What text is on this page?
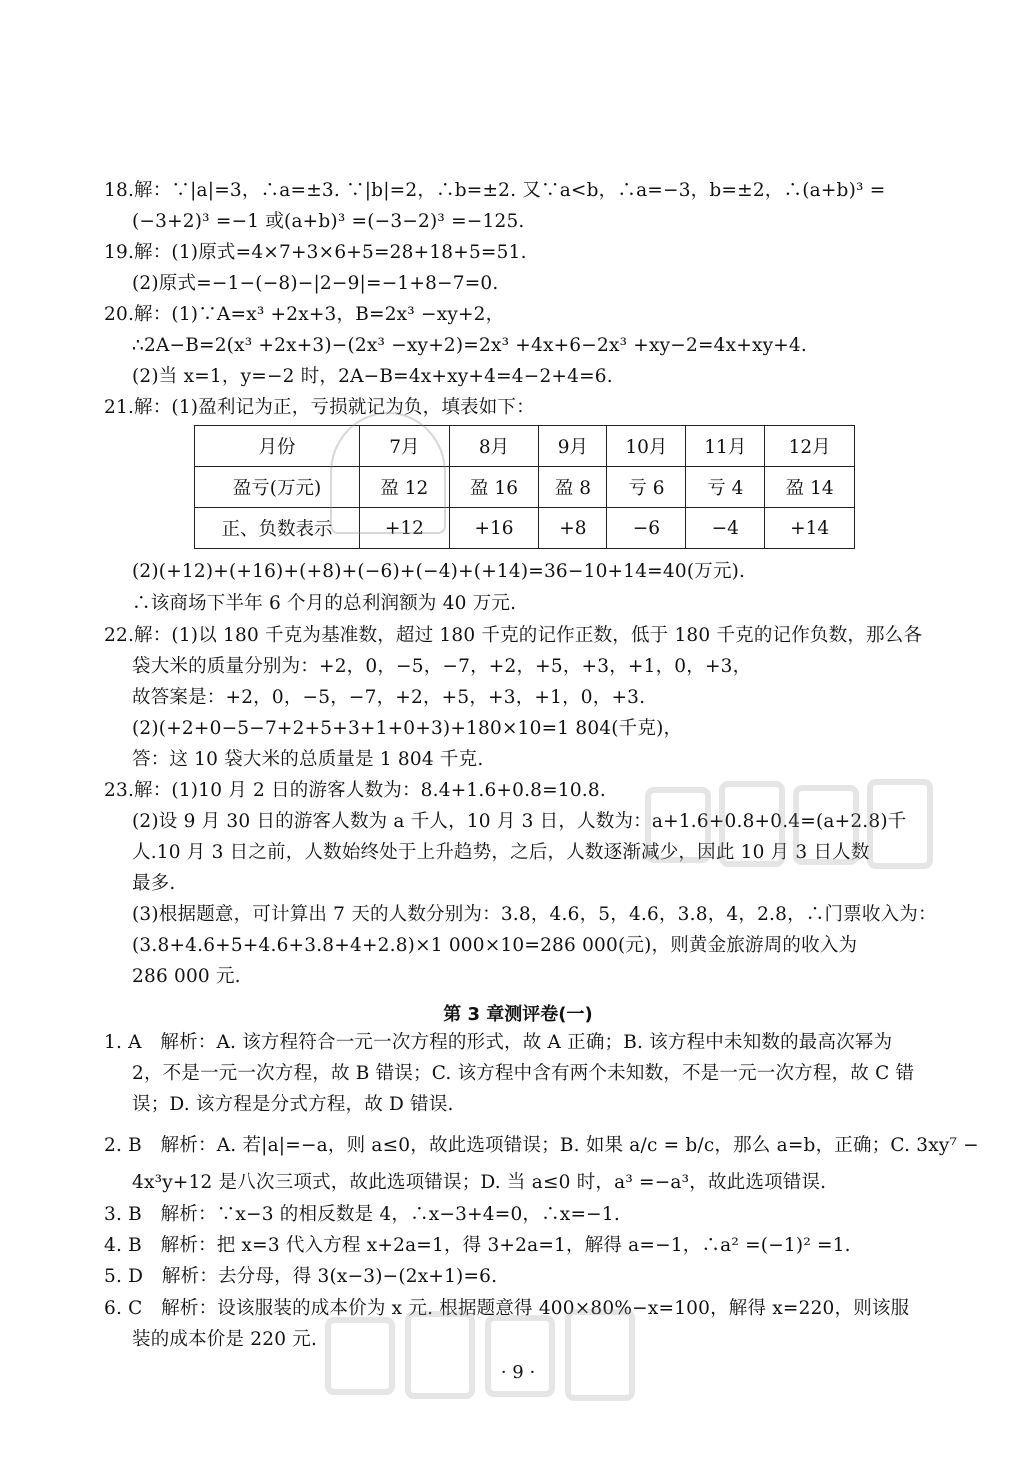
18.解：∵|a|=3，∴a=±3. ∵|b|=2，∴b=±2. 又∵a<b，∴a=−3，b=±2，∴(a+b)³ =
(−3+2)³ =−1 或(a+b)³ =(−3−2)³ =−125.
19.解：(1)原式=4×7+3×6+5=28+18+5=51.
(2)原式=−1−(−8)−|2−9|=−1+8−7=0.
20.解：(1)∵A=x³ +2x+3，B=2x³ −xy+2，
∴2A−B=2(x³ +2x+3)−(2x³ −xy+2)=2x³ +4x+6−2x³ +xy−2=4x+xy+4.
(2)当 x=1，y=−2 时，2A−B=4x+xy+4=4−2+4=6.
21.解：(1)盈利记为正，亏损就记为负，填表如下：
月份	7月	8月	9月	10月	11月	12月
盈亏(万元)	盈 12	盈 16	盈 8	亏 6	亏 4	盈 14
正、负数表示	+12	+16	+8	−6	−4	+14
(2)(+12)+(+16)+(+8)+(−6)+(−4)+(+14)=36−10+14=40(万元).
∴该商场下半年 6 个月的总利润额为 40 万元.
22.解：(1)以 180 千克为基准数，超过 180 千克的记作正数，低于 180 千克的记作负数，那么各
袋大米的质量分别为：+2，0，−5，−7，+2，+5，+3，+1，0，+3，
故答案是：+2，0，−5，−7，+2，+5，+3，+1，0，+3.
(2)(+2+0−5−7+2+5+3+1+0+3)+180×10=1 804(千克)，
答：这 10 袋大米的总质量是 1 804 千克.
23.解：(1)10 月 2 日的游客人数为：8.4+1.6+0.8=10.8.
(2)设 9 月 30 日的游客人数为 a 千人，10 月 3 日，人数为：a+1.6+0.8+0.4=(a+2.8)千
人.10 月 3 日之前，人数始终处于上升趋势，之后，人数逐渐减少，因此 10 月 3 日人数
最多.
(3)根据题意，可计算出 7 天的人数分别为：3.8，4.6，5，4.6，3.8，4，2.8，∴门票收入为：
(3.8+4.6+5+4.6+3.8+4+2.8)×1 000×10=286 000(元)，则黄金旅游周的收入为
286 000 元.
第 3 章测评卷(一)
1. A　解析：A. 该方程符合一元一次方程的形式，故 A 正确；B. 该方程中未知数的最高次幂为
2，不是一元一次方程，故 B 错误；C. 该方程中含有两个未知数，不是一元一次方程，故 C 错
误；D. 该方程是分式方程，故 D 错误.
2. B　解析：A. 若|a|=−a，则 a≤0，故此选项错误；B. 如果 a/c = b/c，那么 a=b，正确；C. 3xy⁷ −
4x³y+12 是八次三项式，故此选项错误；D. 当 a≤0 时，a³ =−a³，故此选项错误.
3. B　解析：∵x−3 的相反数是 4，∴x−3+4=0，∴x=−1.
4. B　解析：把 x=3 代入方程 x+2a=1，得 3+2a=1，解得 a=−1，∴a² =(−1)² =1.
5. D　解析：去分母，得 3(x−3)−(2x+1)=6.
6. C　解析：设该服装的成本价为 x 元. 根据题意得 400×80%−x=100，解得 x=220，则该服
装的成本价是 220 元.
· 9 ·
